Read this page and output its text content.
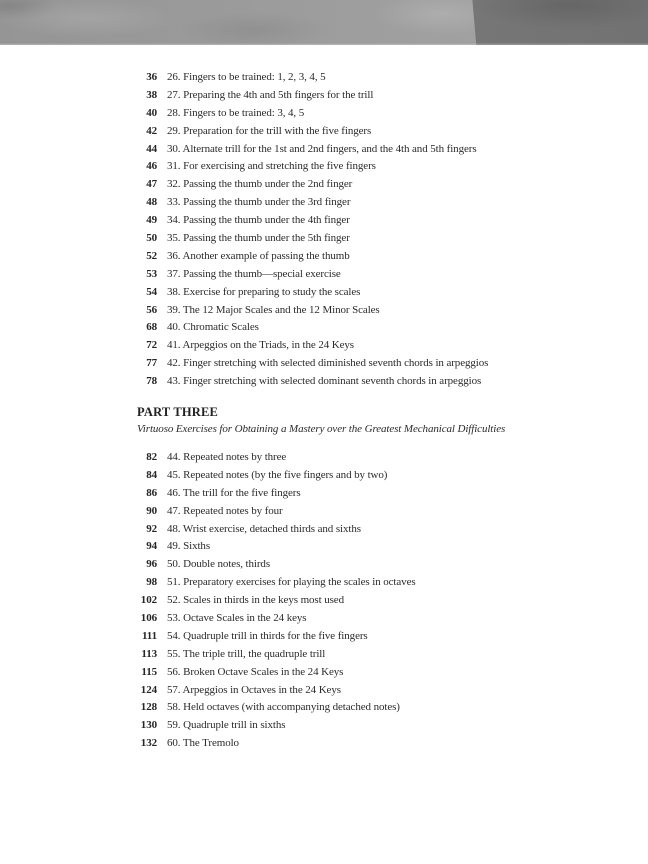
36 26. Fingers to be trained: 1, 2, 3, 4, 5
38 27. Preparing the 4th and 5th fingers for the trill
40 28. Fingers to be trained: 3, 4, 5
42 29. Preparation for the trill with the five fingers
44 30. Alternate trill for the 1st and 2nd fingers, and the 4th and 5th fingers
46 31. For exercising and stretching the five fingers
47 32. Passing the thumb under the 2nd finger
48 33. Passing the thumb under the 3rd finger
49 34. Passing the thumb under the 4th finger
50 35. Passing the thumb under the 5th finger
52 36. Another example of passing the thumb
53 37. Passing the thumb—special exercise
54 38. Exercise for preparing to study the scales
56 39. The 12 Major Scales and the 12 Minor Scales
68 40. Chromatic Scales
72 41. Arpeggios on the Triads, in the 24 Keys
77 42. Finger stretching with selected diminished seventh chords in arpeggios
78 43. Finger stretching with selected dominant seventh chords in arpeggios
PART THREE
Virtuoso Exercises for Obtaining a Mastery over the Greatest Mechanical Difficulties
82 44. Repeated notes by three
84 45. Repeated notes (by the five fingers and by two)
86 46. The trill for the five fingers
90 47. Repeated notes by four
92 48. Wrist exercise, detached thirds and sixths
94 49. Sixths
96 50. Double notes, thirds
98 51. Preparatory exercises for playing the scales in octaves
102 52. Scales in thirds in the keys most used
106 53. Octave Scales in the 24 keys
111 54. Quadruple trill in thirds for the five fingers
113 55. The triple trill, the quadruple trill
115 56. Broken Octave Scales in the 24 Keys
124 57. Arpeggios in Octaves in the 24 Keys
128 58. Held octaves (with accompanying detached notes)
130 59. Quadruple trill in sixths
132 60. The Tremolo
